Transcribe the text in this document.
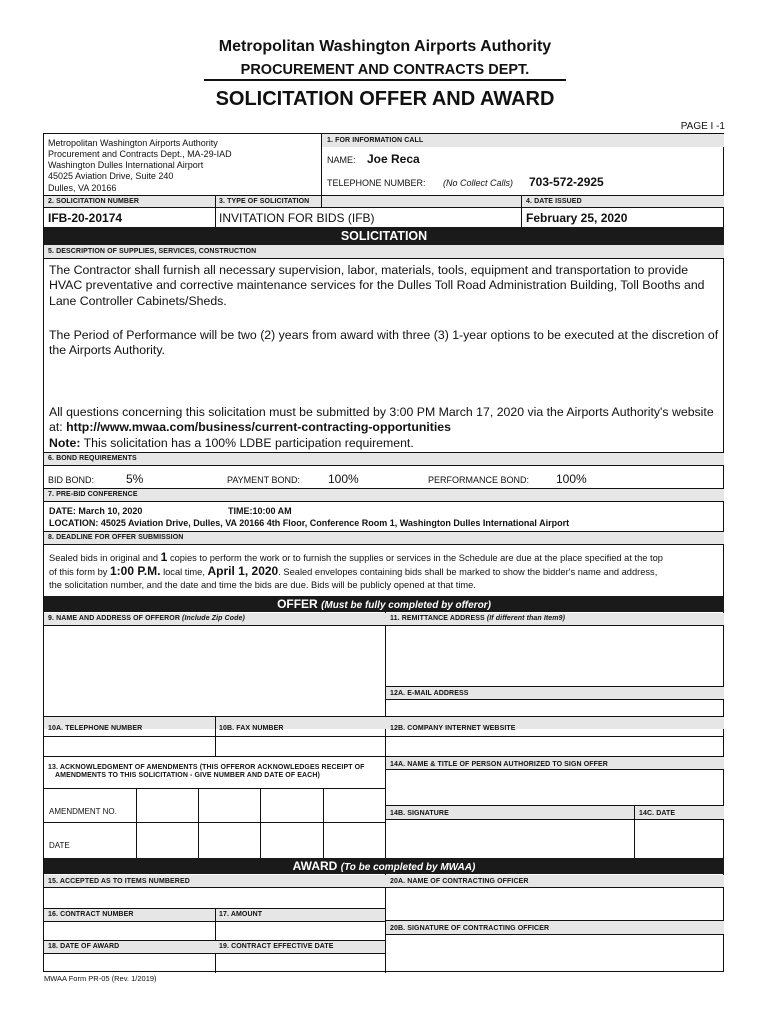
Metropolitan Washington Airports Authority
PROCUREMENT AND CONTRACTS DEPT.
SOLICITATION OFFER AND AWARD
PAGE I -1
Metropolitan Washington Airports Authority
Procurement and Contracts Dept., MA-29-IAD
Washington Dulles International Airport
45025 Aviation Drive, Suite 240
Dulles, VA 20166
1. FOR INFORMATION CALL
NAME: Joe Reca
TELEPHONE NUMBER: (No Collect Calls) 703-572-2925
2. SOLICITATION NUMBER	3. TYPE OF SOLICITATION	4. DATE ISSUED
IFB-20-20174	INVITATION FOR BIDS (IFB)	February 25, 2020
SOLICITATION
5. DESCRIPTION OF SUPPLIES, SERVICES, CONSTRUCTION
The Contractor shall furnish all necessary supervision, labor, materials, tools, equipment and transportation to provide HVAC preventative and corrective maintenance services for the Dulles Toll Road Administration Building, Toll Booths and Lane Controller Cabinets/Sheds.
The Period of Performance will be two (2) years from award with three (3) 1-year options to be executed at the discretion of the Airports Authority.
All questions concerning this solicitation must be submitted by 3:00 PM March 17, 2020 via the Airports Authority's website at: http://www.mwaa.com/business/current-contracting-opportunities
Note: This solicitation has a 100% LDBE participation requirement.
6. BOND REQUIREMENTS
BID BOND:	5%	PAYMENT BOND: 100%	PERFORMANCE BOND: 100%
7. PRE-BID CONFERENCE
DATE: March 10, 2020	TIME:10:00 AM
LOCATION: 45025 Aviation Drive, Dulles, VA 20166 4th Floor, Conference Room 1, Washington Dulles International Airport
8. DEADLINE FOR OFFER SUBMISSION
Sealed bids in original and 1 copies to perform the work or to furnish the supplies or services in the Schedule are due at the place specified at the top
of this form by 1:00 P.M. local time, April 1, 2020. Sealed envelopes containing bids shall be marked to show the bidder's name and address,
the solicitation number, and the date and time the bids are due. Bids will be publicly opened at that time.
OFFER (Must be fully completed by offeror)
9. NAME AND ADDRESS OF OFFEROR (Include Zip Code)	11. REMITTANCE ADDRESS (If different than Item9)
12A. E-MAIL ADDRESS
10A. TELEPHONE NUMBER	10B. FAX NUMBER	12B. COMPANY INTERNET WEBSITE
13. ACKNOWLEDGMENT OF AMENDMENTS (THIS OFFEROR ACKNOWLEDGES RECEIPT OF
AMENDMENTS TO THIS SOLICITATION - GIVE NUMBER AND DATE OF EACH)
14A. NAME & TITLE OF PERSON AUTHORIZED TO SIGN OFFER
AMENDMENT NO.
DATE
14B. SIGNATURE	14C. DATE
AWARD (To be completed by MWAA)
15. ACCEPTED AS TO ITEMS NUMBERED	20A. NAME OF CONTRACTING OFFICER
16. CONTRACT NUMBER	17. AMOUNT
20B. SIGNATURE OF CONTRACTING OFFICER
18. DATE OF AWARD	19. CONTRACT EFFECTIVE DATE
MWAA Form PR-05 (Rev. 1/2019)
